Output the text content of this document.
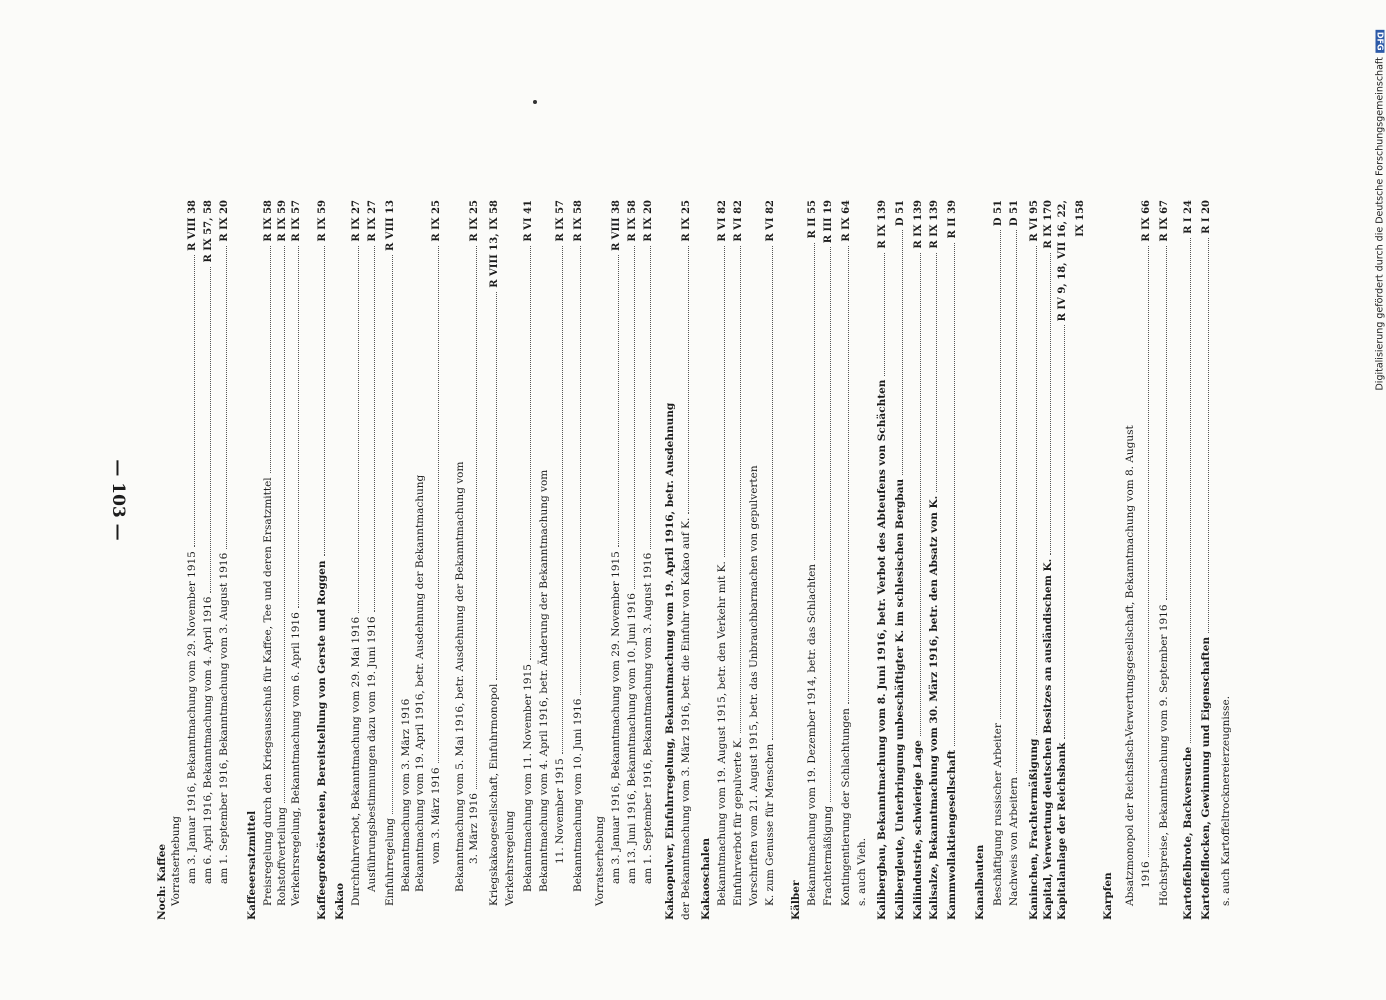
— 103 —
Digitalisierung gefördert durch die Deutsche Forschungsgemeinschaft DFG
Noch: Kaffee Vorratserhebung am 3. Januar 1916, Bekanntmachung vom 29. November 1915
R VIII 38
am 6. April 1916, Bekanntmachung vom 4. April 1916
R IX 57, 58
am 1. September 1916, Bekanntmachung vom 3. August 1916
R IX 20
Kaffeeersatzmittel Preisregelung durch den Kriegsausschuß für Kaffee, Tee und deren Ersatzmittel
R IX 58
Rohstoffverteilung
R IX 59
Verkehrsregelung, Bekanntmachung vom 6. April 1916
R IX 57
Kaffeegroßröstereien, Bereitstellung von Gerste und Roggen
R IX 59
Kakao Durchfuhrverbot, Bekanntmachung vom 29. Mai 1916
R IX 27
Ausführungsbestimmungen dazu vom 19. Juni 1916
R IX 27
Einfuhrregelung
R VIII 13
Bekanntmachung vom 3. März 1916 Bekanntmachung vom 19. April 1916, betr. Ausdehnung der Bekanntmachung vom 3. März 1916
R IX 25
Bekanntmachung vom 5. Mai 1916, betr. Ausdehnung der Bekanntmachung vom 3. März 1916
R IX 25
Kriegskakaogesellschaft, Einfuhrmonopol
R VIII 13, IX 58
Verkehrsregelung Bekanntmachung vom 11. November 1915
R VI 41
Bekanntmachung vom 4. April 1916, betr. Änderung der Bekanntmachung vom 11. November 1915
R IX 57
Bekanntmachung vom 10. Juni 1916
R IX 58
Vorratserhebung am 3. Januar 1916, Bekanntmachung vom 29. November 1915
R VIII 38
am 13. Juni 1916, Bekanntmachung vom 10. Juni 1916
R IX 58
am 1. September 1916, Bekanntmachung vom 3. August 1916
R IX 20
Kakaopulver, Einfuhrregelung, Bekanntmachung vom 19. April 1916, betr. Ausdehnung der Bekanntmachung vom 3. März 1916, betr. die Einfuhr von Kakao auf K.
R IX 25
Kakaoschalen Bekanntmachung vom 19. August 1915, betr. den Verkehr mit K.
R VI 82
Einfuhrverbot für gepulverte K.
R VI 82
Vorschriften vom 21. August 1915, betr. das Unbrauchbarmachen von gepulverten K. zum Genusse für Menschen
R VI 82
Kälber Bekanntmachung vom 19. Dezember 1914, betr. das Schlachten
R II 55
Frachtermäßigung
R III 19
Kontingentierung der Schlachtungen
R IX 64
s. auch Vieh. Kalibergbau, Bekanntmachung vom 8. Juni 1916, betr. Verbot des Abteufens von Schächten
R IX 139
Kalibergleute, Unterbringung unbeschäftigter K. im schlesischen Bergbau
D 51
Kaliindustrie, schwierige Lage
R IX 139
Kalisalze, Bekanntmachung vom 30. März 1916, betr. den Absatz von K.
R IX 139
Kammwollaktiengesellschaft
R II 39
Kanalbauten Beschäftigung russischer Arbeiter
D 51
Nachweis von Arbeitern
D 51
Kaninchen, Frachtermäßigung
R VI 95
Kapital, Verwertung deutschen Besitzes an ausländischem K.
R IX 170
Kapitalanlage der Reichsbank
R IV 9, 18, VII 16, 22, IX 158
Karpfen Absatzmonopol der Reichsfisch-Verwertungsgesellschaft, Bekanntmachung vom 8. August 1916
R IX 66
Höchstpreise, Bekanntmachung vom 9. September 1916
R IX 67
Kartoffelbrote, Backversuche
R I 24
Kartoffelflocken, Gewinnung und Eigenschaften
R I 20
s. auch Kartoffeltrocknereierzeugnisse.
